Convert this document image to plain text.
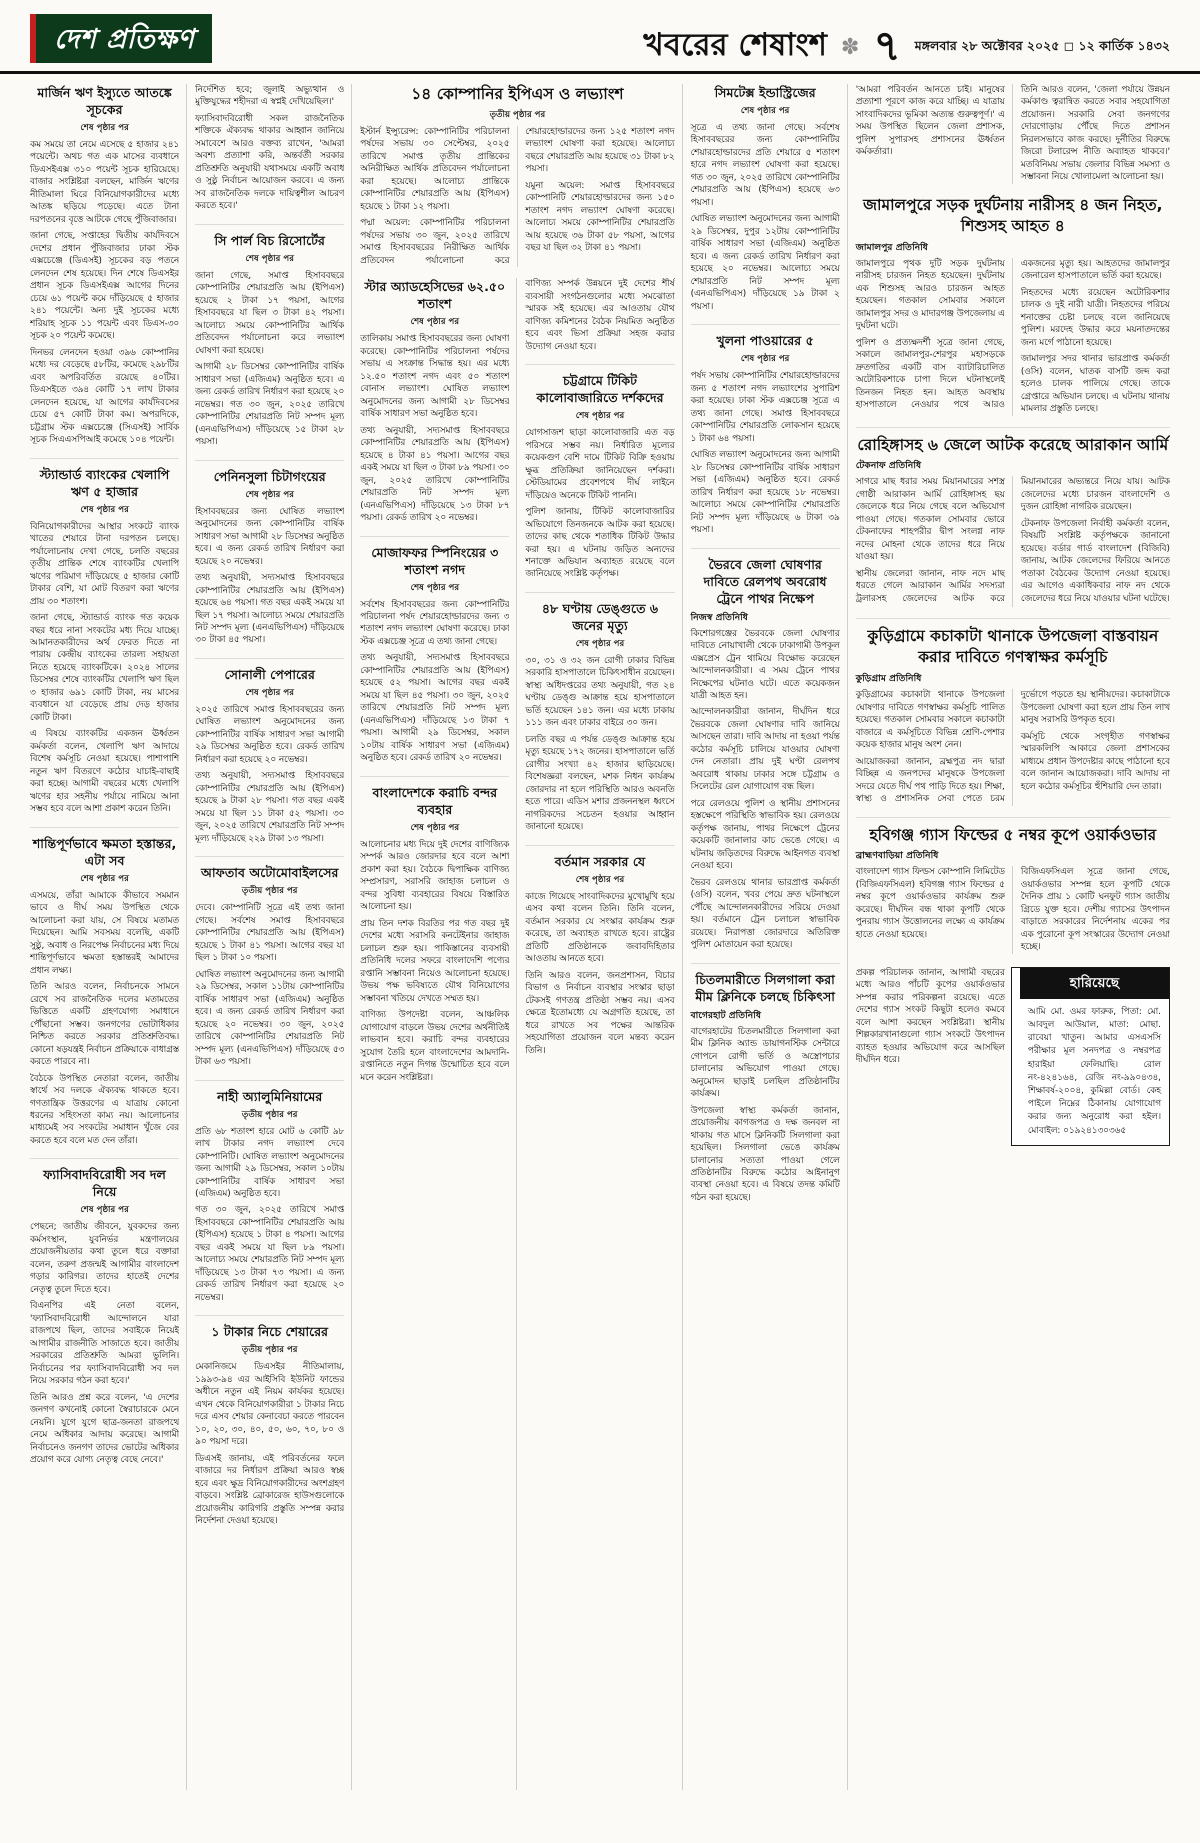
দেশ প্রতিক্ষণ	খবরের শেষাংশ ✽ ৭ মঙ্গলবার ২৮ অক্টোবর ২০২৫ ◻ ১২ কার্তিক ১৪৩২
মার্জিন ঋণ ইস্যুতে আতঙ্কে সূচকের
শেষ পৃষ্ঠার পর

কম সময়ে তা নেমে এসেছে ৫ হাজার ২৪১ পয়েন্টে। অথচ গত এক মাসের ব্যবধানে ডিএসইএক্স ৩১০ পয়েন্ট সূচক হারিয়েছে। বাজার সংশ্লিষ্টরা বলছেন, মার্জিন ঋণের নীতিমালা ঘিরে বিনিয়োগকারীদের মধ্যে আতঙ্ক ছড়িয়ে পড়েছে। এতে টানা দরপতনের বৃত্তে আটকে গেছে পুঁজিবাজার।

জানা গেছে, সপ্তাহের দ্বিতীয় কার্যদিবসে দেশের প্রধান পুঁজিবাজার ঢাকা স্টক এক্সচেঞ্জে (ডিএসই) সূচকের বড় পতনে লেনদেন শেষ হয়েছে। দিন শেষে ডিএসইর প্রধান সূচক ডিএসইএক্স আগের দিনের চেয়ে ৬১ পয়েন্ট কমে দাঁড়িয়েছে ৫ হাজার ২৪১ পয়েন্টে। অন্য দুই সূচকের মধ্যে শরিয়াহ সূচক ১১ পয়েন্ট এবং ডিএস-৩০ সূচক ২০ পয়েন্ট কমেছে।

দিনভর লেনদেন হওয়া ৩৯৬ কোম্পানির মধ্যে দর বেড়েছে ৫৮টির, কমেছে ২৯৮টির এবং অপরিবর্তিত রয়েছে ৪০টির। ডিএসইতে ৩৯৪ কোটি ১৭ লাখ টাকার লেনদেন হয়েছে, যা আগের কার্যদিবসের চেয়ে ৫৭ কোটি টাকা কম। অপরদিকে, চট্টগ্রাম স্টক এক্সচেঞ্জে (সিএসই) সার্বিক সূচক সিএএসপিআই কমেছে ১০৪ পয়েন্ট।

স্ট্যান্ডার্ড ব্যাংকের খেলাপি ঋণ ৫ হাজার
শেষ পৃষ্ঠার পর

বিনিয়োগকারীদের আস্থার সংকটে ব্যাংক খাতের শেয়ারে টানা দরপতন চলছে। পর্যালোচনায় দেখা গেছে, চলতি বছরের তৃতীয় প্রান্তিক শেষে ব্যাংকটির খেলাপি ঋণের পরিমাণ দাঁড়িয়েছে ৫ হাজার কোটি টাকার বেশি, যা মোট বিতরণ করা ঋণের প্রায় ৩০ শতাংশ।

জানা গেছে, স্ট্যান্ডার্ড ব্যাংক গত কয়েক বছর ধরে নানা সংকটের মধ্য দিয়ে যাচ্ছে। আমানতকারীদের অর্থ ফেরত দিতে না পারায় কেন্দ্রীয় ব্যাংকের তারল্য সহায়তা নিতে হয়েছে ব্যাংকটিকে। ২০২৪ সালের ডিসেম্বর শেষে ব্যাংকটির খেলাপি ঋণ ছিল ৩ হাজার ৬৯১ কোটি টাকা, নয় মাসের ব্যবধানে যা বেড়েছে প্রায় দেড় হাজার কোটি টাকা।

এ বিষয়ে ব্যাংকটির একজন ঊর্ধ্বতন কর্মকর্তা বলেন, খেলাপি ঋণ আদায়ে বিশেষ কর্মসূচি নেওয়া হয়েছে। পাশাপাশি নতুন ঋণ বিতরণে কঠোর যাচাই-বাছাই করা হচ্ছে। আগামী বছরের মধ্যে খেলাপি ঋণের হার সহনীয় পর্যায়ে নামিয়ে আনা সম্ভব হবে বলে আশা প্রকাশ করেন তিনি।

শান্তিপূর্ণভাবে ক্ষমতা হস্তান্তর, এটা সব
শেষ পৃষ্ঠার পর

এসময়ে, তাঁরা আমাকে কীভাবে সমমান ভাবে ও দীর্ঘ সময় উপস্থিত থেকে আলোচনা করা যায়, সে বিষয়ে মতামত দিয়েছেন। আমি সবসময় বলেছি, একটি সুষ্ঠু, অবাধ ও নিরপেক্ষ নির্বাচনের মধ্য দিয়ে শান্তিপূর্ণভাবে ক্ষমতা হস্তান্তরই আমাদের প্রধান লক্ষ্য।

তিনি আরও বলেন, নির্বাচনকে সামনে রেখে সব রাজনৈতিক দলের মতামতের ভিত্তিতে একটি গ্রহণযোগ্য সমাধানে পৌঁছানো সম্ভব। জনগণের ভোটাধিকার নিশ্চিত করতে সরকার প্রতিশ্রুতিবদ্ধ। কোনো ষড়যন্ত্রই নির্বাচন প্রক্রিয়াকে বাধাগ্রস্ত করতে পারবে না।

বৈঠকে উপস্থিত নেতারা বলেন, জাতীয় স্বার্থে সব দলকে ঐক্যবদ্ধ থাকতে হবে। গণতান্ত্রিক উত্তরণের এ যাত্রায় কোনো ধরনের সহিংসতা কাম্য নয়। আলোচনার মাধ্যমেই সব সংকটের সমাধান খুঁজে বের করতে হবে বলে মত দেন তাঁরা।

ফ্যাসিবাদবিরোধী সব দল নিয়ে
শেষ পৃষ্ঠার পর

পেছনে; জাতীয় জীবনে, যুবকদের জন্য কর্মসংস্থান, যুবনির্ভর মন্ত্রণালয়ের প্রয়োজনীয়তার কথা তুলে ধরে বক্তারা বলেন, তরুণ প্রজন্মই আগামীর বাংলাদেশ গড়ার কারিগর। তাদের হাতেই দেশের নেতৃত্ব তুলে দিতে হবে।

বিএনপির এই নেতা বলেন, 'ফ্যাসিবাদবিরোধী আন্দোলনে যারা রাজপথে ছিল, তাদের সবাইকে নিয়েই আগামীর রাজনীতি সাজাতে হবে। জাতীয় সরকারের প্রতিশ্রুতি আমরা ভুলিনি। নির্বাচনের পর ফ্যাসিবাদবিরোধী সব দল নিয়ে সরকার গঠন করা হবে।'

তিনি আরও প্রশ্ন করে বলেন, 'এ দেশের জনগণ কখনোই কোনো স্বৈরাচারকে মেনে নেয়নি। যুগে যুগে ছাত্র-জনতা রাজপথে নেমে অধিকার আদায় করেছে। আগামী নির্বাচনেও জনগণ তাদের ভোটের অধিকার প্রয়োগ করে যোগ্য নেতৃত্ব বেছে নেবে।'

নির্দেশিত হবে; জুলাই অভ্যুত্থান ও মুক্তিযুদ্ধের শহীদরা এ স্বপ্নই দেখিয়েছিল।'

ফ্যাসিবাদবিরোধী সকল রাজনৈতিক শক্তিকে ঐক্যবদ্ধ থাকার আহ্বান জানিয়ে সমাবেশে আরও বক্তব্য রাখেন, 'আমরা অবশ্য প্রত্যাশা করি, অন্তর্বর্তী সরকার প্রতিশ্রুতি অনুযায়ী যথাসময়ে একটি অবাধ ও সুষ্ঠু নির্বাচন আয়োজন করবে। এ জন্য সব রাজনৈতিক দলকে দায়িত্বশীল আচরণ করতে হবে।'

সি পার্ল বিচ রিসোর্টের
শেষ পৃষ্ঠার পর

জানা গেছে, সমাপ্ত হিসাববছরে কোম্পানিটির শেয়ারপ্রতি আয় (ইপিএস) হয়েছে ২ টাকা ১৭ পয়সা, আগের হিসাববছরে যা ছিল ৩ টাকা ৪২ পয়সা। আলোচ্য সময়ে কোম্পানিটির আর্থিক প্রতিবেদন পর্যালোচনা করে লভ্যাংশ ঘোষণা করা হয়েছে।

আগামী ২৮ ডিসেম্বর কোম্পানিটির বার্ষিক সাধারণ সভা (এজিএম) অনুষ্ঠিত হবে। এ জন্য রেকর্ড তারিখ নির্ধারণ করা হয়েছে ২০ নভেম্বর। গত ৩০ জুন, ২০২৫ তারিখে কোম্পানিটির শেয়ারপ্রতি নিট সম্পদ মূল্য (এনএভিপিএস) দাঁড়িয়েছে ১৫ টাকা ২৮ পয়সা।

পেনিনসুলা চিটাগংয়ের
শেষ পৃষ্ঠার পর

হিসাববছরের জন্য ঘোষিত লভ্যাংশ অনুমোদনের জন্য কোম্পানিটির বার্ষিক সাধারণ সভা আগামী ২৮ ডিসেম্বর অনুষ্ঠিত হবে। এ জন্য রেকর্ড তারিখ নির্ধারণ করা হয়েছে ২০ নভেম্বর।

তথ্য অনুযায়ী, সদ্যসমাপ্ত হিসাববছরে কোম্পানিটির শেয়ারপ্রতি আয় (ইপিএস) হয়েছে ৬৪ পয়সা। গত বছর একই সময়ে যা ছিল ১৭ পয়সা। আলোচ্য সময়ে শেয়ারপ্রতি নিট সম্পদ মূল্য (এনএভিপিএস) দাঁড়িয়েছে ৩০ টাকা ৪৫ পয়সা।

সোনালী পেপারের
শেষ পৃষ্ঠার পর

২০২৫ তারিখে সমাপ্ত হিসাববছরের জন্য ঘোষিত লভ্যাংশ অনুমোদনের জন্য কোম্পানিটির বার্ষিক সাধারণ সভা আগামী ২৯ ডিসেম্বর অনুষ্ঠিত হবে। রেকর্ড তারিখ নির্ধারণ করা হয়েছে ২০ নভেম্বর।

তথ্য অনুযায়ী, সদ্যসমাপ্ত হিসাববছরে কোম্পানিটির শেয়ারপ্রতি আয় (ইপিএস) হয়েছে ৯ টাকা ২৮ পয়সা। গত বছর একই সময়ে যা ছিল ১১ টাকা ৫২ পয়সা। ৩০ জুন, ২০২৫ তারিখে শেয়ারপ্রতি নিট সম্পদ মূল্য দাঁড়িয়েছে ২২৯ টাকা ১৩ পয়সা।

আফতাব অটোমোবাইলসের
তৃতীয় পৃষ্ঠার পর

দেবে। কোম্পানিটি সূত্রে এই তথ্য জানা গেছে। সর্বশেষ সমাপ্ত হিসাববছরে কোম্পানিটির শেয়ারপ্রতি আয় (ইপিএস) হয়েছে ১ টাকা ৪১ পয়সা। আগের বছর যা ছিল ১ টাকা ১০ পয়সা।

ঘোষিত লভ্যাংশ অনুমোদনের জন্য আগামী ২৯ ডিসেম্বর, সকাল ১১টায় কোম্পানিটির বার্ষিক সাধারণ সভা (এজিএম) অনুষ্ঠিত হবে। এ জন্য রেকর্ড তারিখ নির্ধারণ করা হয়েছে ২০ নভেম্বর। ৩০ জুন, ২০২৫ তারিখে কোম্পানিটির শেয়ারপ্রতি নিট সম্পদ মূল্য (এনএভিপিএস) দাঁড়িয়েছে ৫৩ টাকা ৬৩ পয়সা।

নাহী অ্যালুমিনিয়ামের
তৃতীয় পৃষ্ঠার পর

প্রতি ৬৮ শতাংশ হারে মোট ৬ কোটি ৯৮ লাখ টাকার নগদ লভ্যাংশ দেবে কোম্পানিটি। ঘোষিত লভ্যাংশ অনুমোদনের জন্য আগামী ২৯ ডিসেম্বর, সকাল ১০টায় কোম্পানিটির বার্ষিক সাধারণ সভা (এজিএম) অনুষ্ঠিত হবে।

গত ৩০ জুন, ২০২৫ তারিখে সমাপ্ত হিসাববছরে কোম্পানিটির শেয়ারপ্রতি আয় (ইপিএস) হয়েছে ১ টাকা ৪ পয়সা। আগের বছর একই সময়ে যা ছিল ৮৯ পয়সা। আলোচ্য সময়ে শেয়ারপ্রতি নিট সম্পদ মূল্য দাঁড়িয়েছে ১৩ টাকা ৭৩ পয়সা। এ জন্য রেকর্ড তারিখ নির্ধারণ করা হয়েছে ২০ নভেম্বর।

১ টাকার নিচে শেয়ারের
তৃতীয় পৃষ্ঠার পর

মেকানিজমে ডিএসইর নীতিমালায়, ১৯৯৩-৯৪ এর আইসিবি ইউনিট ফান্ডের অধীনে নতুন এই নিয়ম কার্যকর হয়েছে। এখন থেকে বিনিয়োগকারীরা ১ টাকার নিচে দরে এসব শেয়ার কেনাবেচা করতে পারবেন ১০, ২০, ৩০, ৪০, ৫০, ৬০, ৭০, ৮০ ও ৯০ পয়সা দরে।

ডিএসই জানায়, এই পরিবর্তনের ফলে বাজারে দর নির্ধারণ প্রক্রিয়া আরও স্বচ্ছ হবে এবং ক্ষুদ্র বিনিয়োগকারীদের অংশগ্রহণ বাড়বে। সংশ্লিষ্ট ব্রোকারেজ হাউসগুলোকে প্রয়োজনীয় কারিগরি প্রস্তুতি সম্পন্ন করার নির্দেশনা দেওয়া হয়েছে।

১৪ কোম্পানির ইপিএস ও লভ্যাংশ
তৃতীয় পৃষ্ঠার পর

ইস্টার্ন ইন্স্যুরেন্স: কোম্পানিটির পরিচালনা পর্ষদের সভায় ৩০ সেপ্টেম্বর, ২০২৫ তারিখে সমাপ্ত তৃতীয় প্রান্তিকের অনিরীক্ষিত আর্থিক প্রতিবেদন পর্যালোচনা করা হয়েছে। আলোচ্য প্রান্তিকে কোম্পানিটির শেয়ারপ্রতি আয় (ইপিএস) হয়েছে ১ টাকা ১২ পয়সা।

পদ্মা অয়েল: কোম্পানিটির পরিচালনা পর্ষদের সভায় ৩০ জুন, ২০২৫ তারিখে সমাপ্ত হিসাববছরের নিরীক্ষিত আর্থিক প্রতিবেদন পর্যালোচনা করে শেয়ারহোল্ডারদের জন্য ১২৫ শতাংশ নগদ লভ্যাংশ ঘোষণা করা হয়েছে। আলোচ্য বছরে শেয়ারপ্রতি আয় হয়েছে ৩১ টাকা ৮২ পয়সা।

যমুনা অয়েল: সমাপ্ত হিসাববছরে কোম্পানিটি শেয়ারহোল্ডারদের জন্য ১৫০ শতাংশ নগদ লভ্যাংশ ঘোষণা করেছে। আলোচ্য সময়ে কোম্পানিটির শেয়ারপ্রতি আয় হয়েছে ৩৬ টাকা ৫৮ পয়সা, আগের বছর যা ছিল ৩২ টাকা ৪১ পয়সা।

স্টার অ্যাডহেসিভের ৬২.৫০ শতাংশ
শেষ পৃষ্ঠার পর

তালিকায় সমাপ্ত হিসাববছরের জন্য ঘোষণা করেছে। কোম্পানিটির পরিচালনা পর্ষদের সভায় এ সংক্রান্ত সিদ্ধান্ত হয়। এর মধ্যে ১২.৫০ শতাংশ নগদ এবং ৫০ শতাংশ বোনাস লভ্যাংশ। ঘোষিত লভ্যাংশ অনুমোদনের জন্য আগামী ২৮ ডিসেম্বর বার্ষিক সাধারণ সভা অনুষ্ঠিত হবে।

তথ্য অনুযায়ী, সদ্যসমাপ্ত হিসাববছরে কোম্পানিটির শেয়ারপ্রতি আয় (ইপিএস) হয়েছে ৪ টাকা ৪১ পয়সা। আগের বছর একই সময়ে যা ছিল ৩ টাকা ৮৯ পয়সা। ৩০ জুন, ২০২৫ তারিখে কোম্পানিটির শেয়ারপ্রতি নিট সম্পদ মূল্য (এনএভিপিএস) দাঁড়িয়েছে ১৩ টাকা ৮৭ পয়সা। রেকর্ড তারিখ ২০ নভেম্বর।

মোজাফফর স্পিনিংয়ের ৩ শতাংশ নগদ
শেষ পৃষ্ঠার পর

সর্বশেষ হিসাববছরের জন্য কোম্পানিটির পরিচালনা পর্ষদ শেয়ারহোল্ডারদের জন্য ৩ শতাংশ নগদ লভ্যাংশ ঘোষণা করেছে। ঢাকা স্টক এক্সচেঞ্জ সূত্রে এ তথ্য জানা গেছে।

তথ্য অনুযায়ী, সদ্যসমাপ্ত হিসাববছরে কোম্পানিটির শেয়ারপ্রতি আয় (ইপিএস) হয়েছে ৫২ পয়সা। আগের বছর একই সময়ে যা ছিল ৪৫ পয়সা। ৩০ জুন, ২০২৫ তারিখে শেয়ারপ্রতি নিট সম্পদ মূল্য (এনএভিপিএস) দাঁড়িয়েছে ১৩ টাকা ৭ পয়সা। আগামী ২৯ ডিসেম্বর, সকাল ১০টায় বার্ষিক সাধারণ সভা (এজিএম) অনুষ্ঠিত হবে। রেকর্ড তারিখ ২০ নভেম্বর।

বাংলাদেশকে করাচি বন্দর ব্যবহার
শেষ পৃষ্ঠার পর

আলোচনার মধ্য দিয়ে দুই দেশের বাণিজ্যিক সম্পর্ক আরও জোরদার হবে বলে আশা প্রকাশ করা হয়। বৈঠকে দ্বিপাক্ষিক বাণিজ্য সম্প্রসারণ, সরাসরি জাহাজ চলাচল ও বন্দর সুবিধা ব্যবহারের বিষয়ে বিস্তারিত আলোচনা হয়।

প্রায় তিন দশক বিরতির পর গত বছর দুই দেশের মধ্যে সরাসরি কনটেইনার জাহাজ চলাচল শুরু হয়। পাকিস্তানের ব্যবসায়ী প্রতিনিধি দলের সফরে বাংলাদেশি পণ্যের রপ্তানি সম্ভাবনা নিয়েও আলোচনা হয়েছে। উভয় পক্ষ ভবিষ্যতে যৌথ বিনিয়োগের সম্ভাবনা খতিয়ে দেখতে সম্মত হয়।

বাণিজ্য উপদেষ্টা বলেন, আঞ্চলিক যোগাযোগ বাড়লে উভয় দেশের অর্থনীতিই লাভবান হবে। করাচি বন্দর ব্যবহারের সুযোগ তৈরি হলে বাংলাদেশের আমদানি-রপ্তানিতে নতুন দিগন্ত উন্মোচিত হবে বলে মনে করেন সংশ্লিষ্টরা।

বাণিজ্য সম্পর্ক উন্নয়নে দুই দেশের শীর্ষ ব্যবসায়ী সংগঠনগুলোর মধ্যে সমঝোতা স্মারক সই হয়েছে। এর আওতায় যৌথ বাণিজ্য কমিশনের বৈঠক নিয়মিত অনুষ্ঠিত হবে এবং ভিসা প্রক্রিয়া সহজ করার উদ্যোগ নেওয়া হবে।

চট্টগ্রামে টিকিট কালোবাজারিতে দর্শকদের
শেষ পৃষ্ঠার পর

যোগসাজশ ছাড়া কালোবাজারি এত বড় পরিসরে সম্ভব নয়। নির্ধারিত মূল্যের কয়েকগুণ বেশি দামে টিকিট বিক্রি হওয়ায় ক্ষুব্ধ প্রতিক্রিয়া জানিয়েছেন দর্শকরা। স্টেডিয়ামের প্রবেশপথে দীর্ঘ লাইনে দাঁড়িয়েও অনেকে টিকিট পাননি।

পুলিশ জানায়, টিকিট কালোবাজারির অভিযোগে তিনজনকে আটক করা হয়েছে। তাদের কাছ থেকে শতাধিক টিকিট উদ্ধার করা হয়। এ ঘটনায় জড়িত অন্যদের শনাক্তে অভিযান অব্যাহত রয়েছে বলে জানিয়েছে সংশ্লিষ্ট কর্তৃপক্ষ।

৪৮ ঘণ্টায় ডেঙ্গুতে ৬ জনের মৃত্যু
শেষ পৃষ্ঠার পর

৩০, ৩১ ও ৩২ জন রোগী ঢাকার বিভিন্ন সরকারি হাসপাতালে চিকিৎসাধীন রয়েছেন। স্বাস্থ্য অধিদপ্তরের তথ্য অনুযায়ী, গত ২৪ ঘণ্টায় ডেঙ্গু আক্রান্ত হয়ে হাসপাতালে ভর্তি হয়েছেন ১৪১ জন। এর মধ্যে ঢাকায় ১১১ জন এবং ঢাকার বাইরে ৩০ জন।

চলতি বছর এ পর্যন্ত ডেঙ্গু আক্রান্ত হয়ে মৃত্যু হয়েছে ১৭২ জনের। হাসপাতালে ভর্তি রোগীর সংখ্যা ৪২ হাজার ছাড়িয়েছে। বিশেষজ্ঞরা বলছেন, মশক নিধন কার্যক্রম জোরদার না হলে পরিস্থিতি আরও অবনতি হতে পারে। এডিস মশার প্রজননস্থল ধ্বংসে নাগরিকদের সচেতন হওয়ার আহ্বান জানানো হয়েছে।

বর্তমান সরকার যে
শেষ পৃষ্ঠার পর

কাজে গিয়েছে সাংবাদিকদের মুখোমুখি হয়ে এসব কথা বলেন তিনি। তিনি বলেন, বর্তমান সরকার যে সংস্কার কার্যক্রম শুরু করেছে, তা অব্যাহত রাখতে হবে। রাষ্ট্রের প্রতিটি প্রতিষ্ঠানকে জবাবদিহিতার আওতায় আনতে হবে।

তিনি আরও বলেন, জনপ্রশাসন, বিচার বিভাগ ও নির্বাচন ব্যবস্থার সংস্কার ছাড়া টেকসই গণতন্ত্র প্রতিষ্ঠা সম্ভব নয়। এসব ক্ষেত্রে ইতোমধ্যে যে অগ্রগতি হয়েছে, তা ধরে রাখতে সব পক্ষের আন্তরিক সহযোগিতা প্রয়োজন বলে মন্তব্য করেন তিনি।

সিমটেক্স ইন্ডাস্ট্রিজের
শেষ পৃষ্ঠার পর

সূত্রে এ তথ্য জানা গেছে। সর্বশেষ হিসাববছরের জন্য কোম্পানিটির শেয়ারহোল্ডারদের প্রতি শেয়ারে ৫ শতাংশ হারে নগদ লভ্যাংশ ঘোষণা করা হয়েছে। গত ৩০ জুন, ২০২৫ তারিখে কোম্পানিটির শেয়ারপ্রতি আয় (ইপিএস) হয়েছে ৬৩ পয়সা।

ঘোষিত লভ্যাংশ অনুমোদনের জন্য আগামী ২৯ ডিসেম্বর, দুপুর ১২টায় কোম্পানিটির বার্ষিক সাধারণ সভা (এজিএম) অনুষ্ঠিত হবে। এ জন্য রেকর্ড তারিখ নির্ধারণ করা হয়েছে ২০ নভেম্বর। আলোচ্য সময়ে শেয়ারপ্রতি নিট সম্পদ মূল্য (এনএভিপিএস) দাঁড়িয়েছে ১৯ টাকা ২ পয়সা।

খুলনা পাওয়ারের ৫
শেষ পৃষ্ঠার পর

পর্ষদ সভায় কোম্পানিটির শেয়ারহোল্ডারদের জন্য ৫ শতাংশ নগদ লভ্যাংশের সুপারিশ করা হয়েছে। ঢাকা স্টক এক্সচেঞ্জ সূত্রে এ তথ্য জানা গেছে। সমাপ্ত হিসাববছরে কোম্পানিটির শেয়ারপ্রতি লোকসান হয়েছে ১ টাকা ৬৪ পয়সা।

ঘোষিত লভ্যাংশ অনুমোদনের জন্য আগামী ২৮ ডিসেম্বর কোম্পানিটির বার্ষিক সাধারণ সভা (এজিএম) অনুষ্ঠিত হবে। রেকর্ড তারিখ নির্ধারণ করা হয়েছে ১৮ নভেম্বর। আলোচ্য সময়ে কোম্পানিটির শেয়ারপ্রতি নিট সম্পদ মূল্য দাঁড়িয়েছে ৬ টাকা ৩৯ পয়সা।

ভৈরবে জেলা ঘোষণার দাবিতে রেলপথ অবরোধ ট্রেনে পাথর নিক্ষেপ
নিজস্ব প্রতিনিধি

কিশোরগঞ্জের ভৈরবকে জেলা ঘোষণার দাবিতে নোয়াখালী থেকে ঢাকাগামী উপকূল এক্সপ্রেস ট্রেন থামিয়ে বিক্ষোভ করেছেন আন্দোলনকারীরা। এ সময় ট্রেনে পাথর নিক্ষেপের ঘটনাও ঘটে। এতে কয়েকজন যাত্রী আহত হন।

আন্দোলনকারীরা জানান, দীর্ঘদিন ধরে ভৈরবকে জেলা ঘোষণার দাবি জানিয়ে আসছেন তারা। দাবি আদায় না হওয়া পর্যন্ত কঠোর কর্মসূচি চালিয়ে যাওয়ার ঘোষণা দেন নেতারা। প্রায় দুই ঘণ্টা রেলপথ অবরোধ থাকায় ঢাকার সঙ্গে চট্টগ্রাম ও সিলেটের রেল যোগাযোগ বন্ধ ছিল।

পরে রেলওয়ে পুলিশ ও স্থানীয় প্রশাসনের হস্তক্ষেপে পরিস্থিতি স্বাভাবিক হয়। রেলওয়ে কর্তৃপক্ষ জানায়, পাথর নিক্ষেপে ট্রেনের কয়েকটি জানালার কাচ ভেঙে গেছে। এ ঘটনায় জড়িতদের বিরুদ্ধে আইনগত ব্যবস্থা নেওয়া হবে।

ভৈরব রেলওয়ে থানার ভারপ্রাপ্ত কর্মকর্তা (ওসি) বলেন, খবর পেয়ে দ্রুত ঘটনাস্থলে পৌঁছে আন্দোলনকারীদের সরিয়ে দেওয়া হয়। বর্তমানে ট্রেন চলাচল স্বাভাবিক রয়েছে। নিরাপত্তা জোরদারে অতিরিক্ত পুলিশ মোতায়েন করা হয়েছে।

চিতলমারীতে সিলগালা করা মীম ক্লিনিকে চলছে চিকিৎসা
বাগেরহাট প্রতিনিধি

বাগেরহাটের চিতলমারীতে সিলগালা করা মীম ক্লিনিক অ্যান্ড ডায়াগনস্টিক সেন্টারে গোপনে রোগী ভর্তি ও অস্ত্রোপচার চালানোর অভিযোগ পাওয়া গেছে। অনুমোদন ছাড়াই চলছিল প্রতিষ্ঠানটির কার্যক্রম।

উপজেলা স্বাস্থ্য কর্মকর্তা জানান, প্রয়োজনীয় কাগজপত্র ও দক্ষ জনবল না থাকায় গত মাসে ক্লিনিকটি সিলগালা করা হয়েছিল। সিলগালা ভেঙে কার্যক্রম চালানোর সত্যতা পাওয়া গেলে প্রতিষ্ঠানটির বিরুদ্ধে কঠোর আইনানুগ ব্যবস্থা নেওয়া হবে। এ বিষয়ে তদন্ত কমিটি গঠন করা হয়েছে।

'আমরা পরিবর্তন আনতে চাই। মানুষের প্রত্যাশা পূরণে কাজ করে যাচ্ছি। এ যাত্রায় সাংবাদিকদের ভূমিকা অত্যন্ত গুরুত্বপূর্ণ।' এ সময় উপস্থিত ছিলেন জেলা প্রশাসক, পুলিশ সুপারসহ প্রশাসনের ঊর্ধ্বতন কর্মকর্তারা।

তিনি আরও বলেন, 'জেলা পর্যায়ে উন্নয়ন কর্মকাণ্ড ত্বরান্বিত করতে সবার সহযোগিতা প্রয়োজন। সরকারি সেবা জনগণের দোরগোড়ায় পৌঁছে দিতে প্রশাসন নিরলসভাবে কাজ করছে। দুর্নীতির বিরুদ্ধে জিরো টলারেন্স নীতি অব্যাহত থাকবে।' মতবিনিময় সভায় জেলার বিভিন্ন সমস্যা ও সম্ভাবনা নিয়ে খোলামেলা আলোচনা হয়।

জামালপুরে সড়ক দুর্ঘটনায় নারীসহ ৪ জন নিহত, শিশুসহ আহত ৪
জামালপুর প্রতিনিধি

জামালপুরে পৃথক দুটি সড়ক দুর্ঘটনায় নারীসহ চারজন নিহত হয়েছেন। দুর্ঘটনায় এক শিশুসহ আরও চারজন আহত হয়েছেন। গতকাল সোমবার সকালে জামালপুর সদর ও মাদারগঞ্জ উপজেলায় এ দুর্ঘটনা ঘটে।

পুলিশ ও প্রত্যক্ষদর্শী সূত্রে জানা গেছে, সকালে জামালপুর-শেরপুর মহাসড়কে দ্রুতগতির একটি বাস ব্যাটারিচালিত অটোরিকশাকে চাপা দিলে ঘটনাস্থলেই তিনজন নিহত হন। আহত অবস্থায় হাসপাতালে নেওয়ার পথে আরও একজনের মৃত্যু হয়। আহতদের জামালপুর জেনারেল হাসপাতালে ভর্তি করা হয়েছে।

নিহতদের মধ্যে রয়েছেন অটোরিকশার চালক ও দুই নারী যাত্রী। নিহতদের পরিচয় শনাক্তের চেষ্টা চলছে বলে জানিয়েছে পুলিশ। মরদেহ উদ্ধার করে ময়নাতদন্তের জন্য মর্গে পাঠানো হয়েছে।

জামালপুর সদর থানার ভারপ্রাপ্ত কর্মকর্তা (ওসি) বলেন, ঘাতক বাসটি জব্দ করা হলেও চালক পালিয়ে গেছে। তাকে গ্রেপ্তারে অভিযান চলছে। এ ঘটনায় থানায় মামলার প্রস্তুতি চলছে।

রোহিঙ্গাসহ ৬ জেলে আটক করেছে আরাকান আর্মি
টেকনাফ প্রতিনিধি

সাগরে মাছ ধরার সময় মিয়ানমারের সশস্ত্র গোষ্ঠী আরাকান আর্মি রোহিঙ্গাসহ ছয় জেলেকে ধরে নিয়ে গেছে বলে অভিযোগ পাওয়া গেছে। গতকাল সোমবার ভোরে টেকনাফের শাহপরীর দ্বীপ সংলগ্ন নাফ নদের মোহনা থেকে তাদের ধরে নিয়ে যাওয়া হয়।

স্থানীয় জেলেরা জানান, নাফ নদে মাছ ধরতে গেলে আরাকান আর্মির সদস্যরা ট্রলারসহ জেলেদের আটক করে মিয়ানমারের অভ্যন্তরে নিয়ে যায়। আটক জেলেদের মধ্যে চারজন বাংলাদেশি ও দুজন রোহিঙ্গা নাগরিক রয়েছেন।

টেকনাফ উপজেলা নির্বাহী কর্মকর্তা বলেন, বিষয়টি সংশ্লিষ্ট কর্তৃপক্ষকে জানানো হয়েছে। বর্ডার গার্ড বাংলাদেশ (বিজিবি) জানায়, আটক জেলেদের ফিরিয়ে আনতে পতাকা বৈঠকের উদ্যোগ নেওয়া হয়েছে। এর আগেও একাধিকবার নাফ নদ থেকে জেলেদের ধরে নিয়ে যাওয়ার ঘটনা ঘটেছে।

কুড়িগ্রামে কচাকাটা থানাকে উপজেলা বাস্তবায়ন করার দাবিতে গণস্বাক্ষর কর্মসূচি
কুড়িগ্রাম প্রতিনিধি

কুড়িগ্রামের কচাকাটা থানাকে উপজেলা ঘোষণার দাবিতে গণস্বাক্ষর কর্মসূচি পালিত হয়েছে। গতকাল সোমবার সকালে কচাকাটা বাজারে এ কর্মসূচিতে বিভিন্ন শ্রেণি-পেশার কয়েক হাজার মানুষ অংশ নেন।

আয়োজকরা জানান, ব্রহ্মপুত্র নদ দ্বারা বিচ্ছিন্ন এ জনপদের মানুষকে উপজেলা সদরে যেতে দীর্ঘ পথ পাড়ি দিতে হয়। শিক্ষা, স্বাস্থ্য ও প্রশাসনিক সেবা পেতে চরম দুর্ভোগে পড়তে হয় স্থানীয়দের। কচাকাটাকে উপজেলা ঘোষণা করা হলে প্রায় তিন লাখ মানুষ সরাসরি উপকৃত হবে।

কর্মসূচি থেকে সংগৃহীত গণস্বাক্ষর স্মারকলিপি আকারে জেলা প্রশাসকের মাধ্যমে প্রধান উপদেষ্টার কাছে পাঠানো হবে বলে জানান আয়োজকরা। দাবি আদায় না হলে কঠোর কর্মসূচির হুঁশিয়ারি দেন তারা।

হবিগঞ্জ গ্যাস ফিল্ডের ৫ নম্বর কূপে ওয়ার্কওভার
ব্রাহ্মণবাড়িয়া প্রতিনিধি

বাংলাদেশ গ্যাস ফিল্ডস কোম্পানি লিমিটেড (বিজিএফসিএল) হবিগঞ্জ গ্যাস ফিল্ডের ৫ নম্বর কূপে ওয়ার্কওভার কার্যক্রম শুরু করেছে। দীর্ঘদিন বন্ধ থাকা কূপটি থেকে পুনরায় গ্যাস উত্তোলনের লক্ষ্যে এ কার্যক্রম হাতে নেওয়া হয়েছে।

বিজিএফসিএল সূত্রে জানা গেছে, ওয়ার্কওভার সম্পন্ন হলে কূপটি থেকে দৈনিক প্রায় ১ কোটি ঘনফুট গ্যাস জাতীয় গ্রিডে যুক্ত হবে। দেশীয় গ্যাসের উৎপাদন বাড়াতে সরকারের নির্দেশনায় একের পর এক পুরোনো কূপ সংস্কারের উদ্যোগ নেওয়া হচ্ছে।

প্রকল্প পরিচালক জানান, আগামী বছরের মধ্যে আরও পাঁচটি কূপের ওয়ার্কওভার সম্পন্ন করার পরিকল্পনা রয়েছে। এতে দেশের গ্যাস সংকট কিছুটা হলেও কমবে বলে আশা করছেন সংশ্লিষ্টরা। স্থানীয় শিল্পকারখানাগুলো গ্যাস সংকটে উৎপাদন ব্যাহত হওয়ার অভিযোগ করে আসছিল দীর্ঘদিন ধরে।

হারিয়েছে
আমি মো. ওমর ফারুক, পিতা: মো. আবদুল আউয়াল, মাতা: মোছা. রাবেয়া খাতুন। আমার এসএসসি পরীক্ষার মূল সনদপত্র ও নম্বরপত্র হারাইয়া ফেলিয়াছি। রোল নং-৪২৪১৬৪, রেজি নং-৯৯০৪৩৪, শিক্ষাবর্ষ-২০০৪, কুমিল্লা বোর্ড। কেহ পাইলে নিম্নের ঠিকানায় যোগাযোগ করার জন্য অনুরোধ করা হইল। মোবাইল: ০১৯২৪১৩০৩৬৫
